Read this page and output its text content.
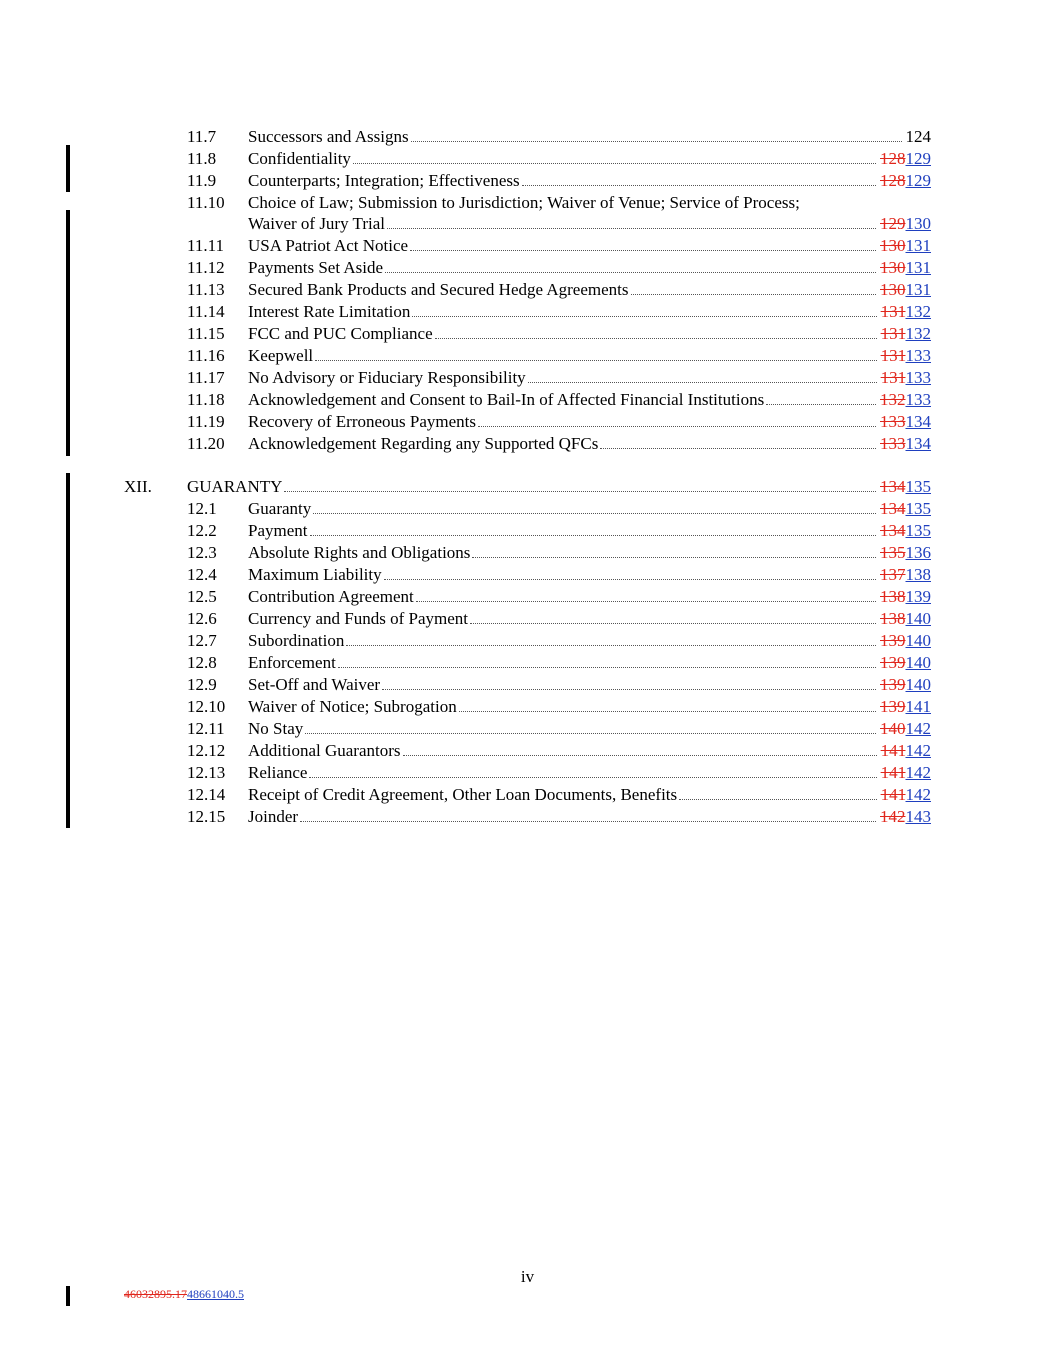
11.7 Successors and Assigns	124
11.8 Confidentiality	128129
11.9 Counterparts; Integration; Effectiveness	128129
11.10 Choice of Law; Submission to Jurisdiction; Waiver of Venue; Service of Process;
Waiver of Jury Trial	129130
11.11 USA Patriot Act Notice	130131
11.12 Payments Set Aside	130131
11.13 Secured Bank Products and Secured Hedge Agreements	130131
11.14 Interest Rate Limitation	131132
11.15 FCC and PUC Compliance	131132
11.16 Keepwell	131133
11.17 No Advisory or Fiduciary Responsibility	131133
11.18 Acknowledgement and Consent to Bail-In of Affected Financial Institutions	132133
11.19 Recovery of Erroneous Payments	133134
11.20 Acknowledgement Regarding any Supported QFCs	133134
XII. GUARANTY	134135
12.1 Guaranty	134135
12.2 Payment	134135
12.3 Absolute Rights and Obligations	135136
12.4 Maximum Liability	137138
12.5 Contribution Agreement	138139
12.6 Currency and Funds of Payment	138140
12.7 Subordination	139140
12.8 Enforcement	139140
12.9 Set-Off and Waiver	139140
12.10 Waiver of Notice; Subrogation	139141
12.11 No Stay	140142
12.12 Additional Guarantors	141142
12.13 Reliance	141142
12.14 Receipt of Credit Agreement, Other Loan Documents, Benefits	141142
12.15 Joinder	142143
iv
46032895.1748661040.5
